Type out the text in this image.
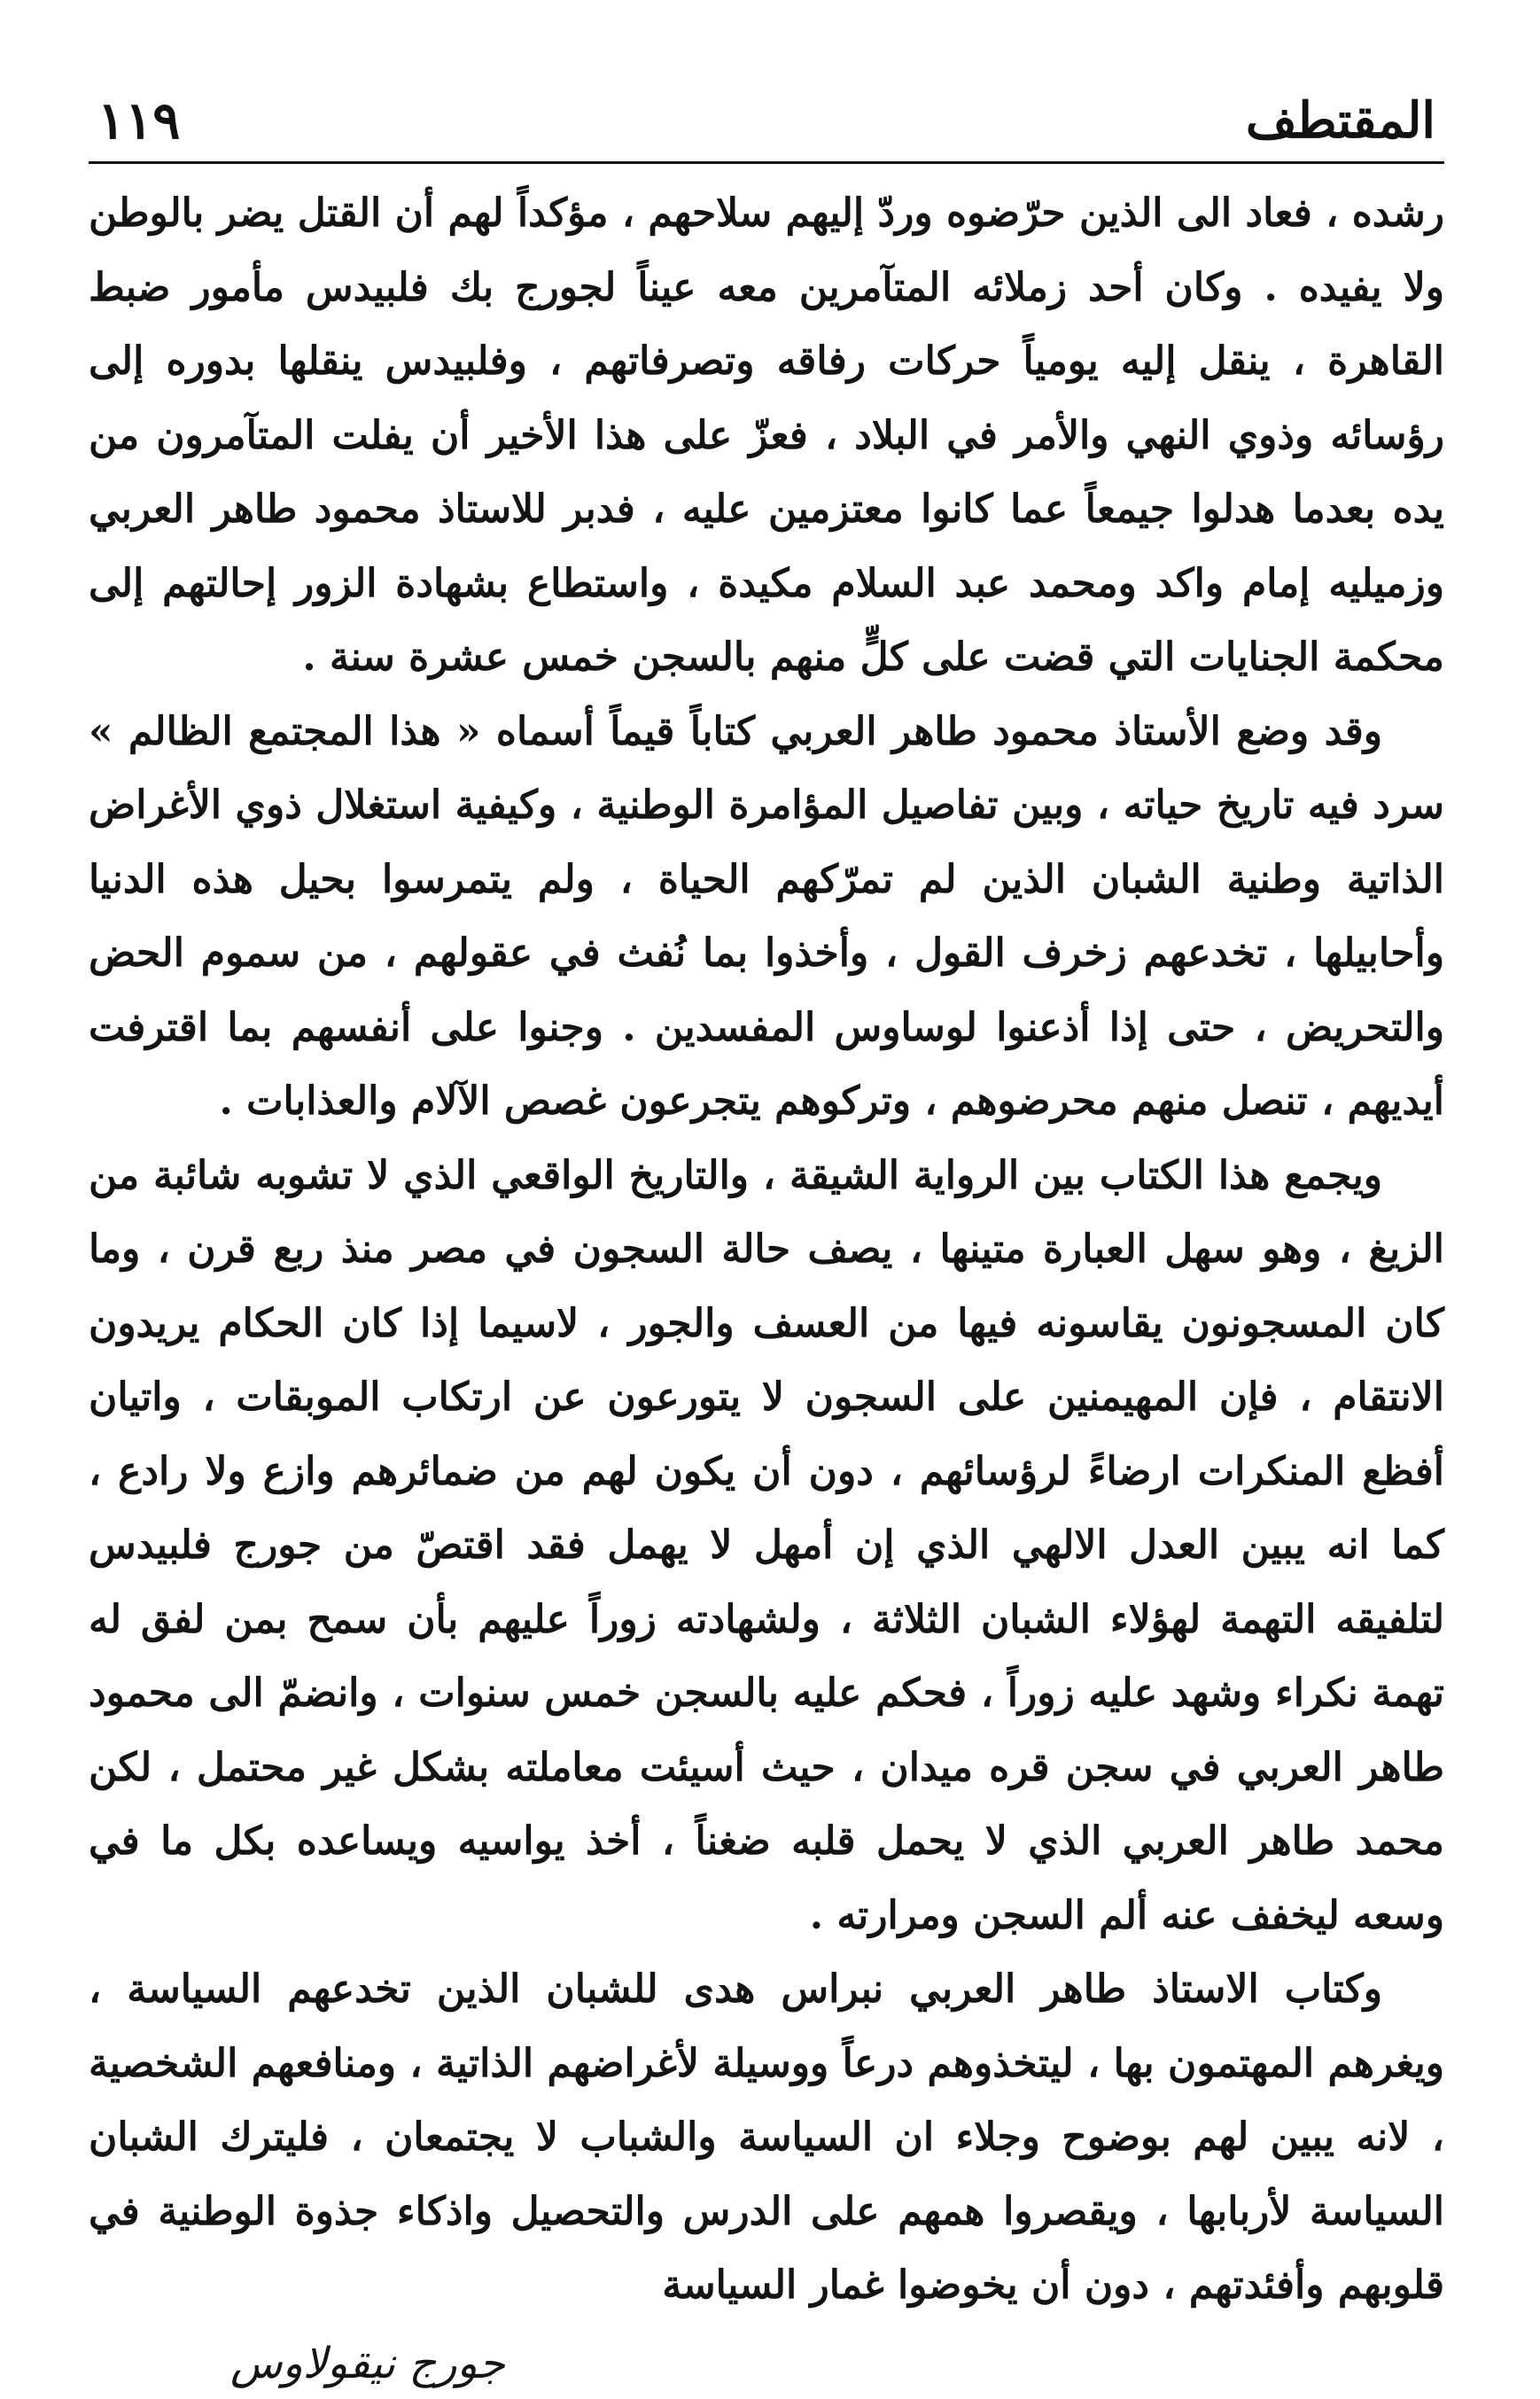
المقتطف
١١٩

رشده ، فعاد الى الذين حرّضوه وردّ إليهم سلاحهم ، مؤكداً لهم أن القتل يضر بالوطن ولا يفيده . وكان أحد زملائه المتآمرين معه عيناً لجورج بك فلبيدس مأمور ضبط القاهرة ، ينقل إليه يومياً حركات رفاقه وتصرفاتهم ، وفلبيدس ينقلها بدوره إلى رؤسائه وذوي النهي والأمر في البلاد ، فعزّ على هذا الأخير أن يفلت المتآمرون من يده بعدما هدلوا جيمعاً عما كانوا معتزمين عليه ، فدبر للاستاذ محمود طاهر العربي وزميليه إمام واكد ومحمد عبد السلام مكيدة ، واستطاع بشهادة الزور إحالتهم إلى محكمة الجنايات التي قضت على كلٍّ منهم بالسجن خمس عشرة سنة .

وقد وضع الأستاذ محمود طاهر العربي كتاباً قيماً أسماه « هذا المجتمع الظالم » سرد فيه تاريخ حياته ، وبين تفاصيل المؤامرة الوطنية ، وكيفية استغلال ذوي الأغراض الذاتية وطنية الشبان الذين لم تمرّكهم الحياة ، ولم يتمرسوا بحيل هذه الدنيا وأحابيلها ، تخدعهم زخرف القول ، وأخذوا بما نُفث في عقولهم ، من سموم الحض والتحريض ، حتى إذا أذعنوا لوساوس المفسدين . وجنوا على أنفسهم بما اقترفت أيديهم ، تنصل منهم محرضوهم ، وتركوهم يتجرعون غصص الآلام والعذابات .

ويجمع هذا الكتاب بين الرواية الشيقة ، والتاريخ الواقعي الذي لا تشوبه شائبة من الزيغ ، وهو سهل العبارة متينها ، يصف حالة السجون في مصر منذ ربع قرن ، وما كان المسجونون يقاسونه فيها من العسف والجور ، لاسيما إذا كان الحكام يريدون الانتقام ، فإن المهيمنين على السجون لا يتورعون عن ارتكاب الموبقات ، واتيان أفظع المنكرات ارضاءً لرؤسائهم ، دون أن يكون لهم من ضمائرهم وازع ولا رادع ، كما انه يبين العدل الالهي الذي إن أمهل لا يهمل فقد اقتصّ من جورج فلبيدس لتلفيقه التهمة لهؤلاء الشبان الثلاثة ، ولشهادته زوراً عليهم بأن سمح بمن لفق له تهمة نكراء وشهد عليه زوراً ، فحكم عليه بالسجن خمس سنوات ، وانضمّ الى محمود طاهر العربي في سجن قره ميدان ، حيث أسيئت معاملته بشكل غير محتمل ، لكن محمد طاهر العربي الذي لا يحمل قلبه ضغناً ، أخذ يواسيه ويساعده بكل ما في وسعه ليخفف عنه ألم السجن ومرارته .

وكتاب الاستاذ طاهر العربي نبراس هدى للشبان الذين تخدعهم السياسة ، ويغرهم المهتمون بها ، ليتخذوهم درعاً ووسيلة لأغراضهم الذاتية ، ومنافعهم الشخصية ، لانه يبين لهم بوضوح وجلاء ان السياسة والشباب لا يجتمعان ، فليترك الشبان السياسة لأربابها ، ويقصروا همهم على الدرس والتحصيل واذكاء جذوة الوطنية في قلوبهم وأفئدتهم ، دون أن يخوضوا غمار السياسة

جورج نيقولاوس
